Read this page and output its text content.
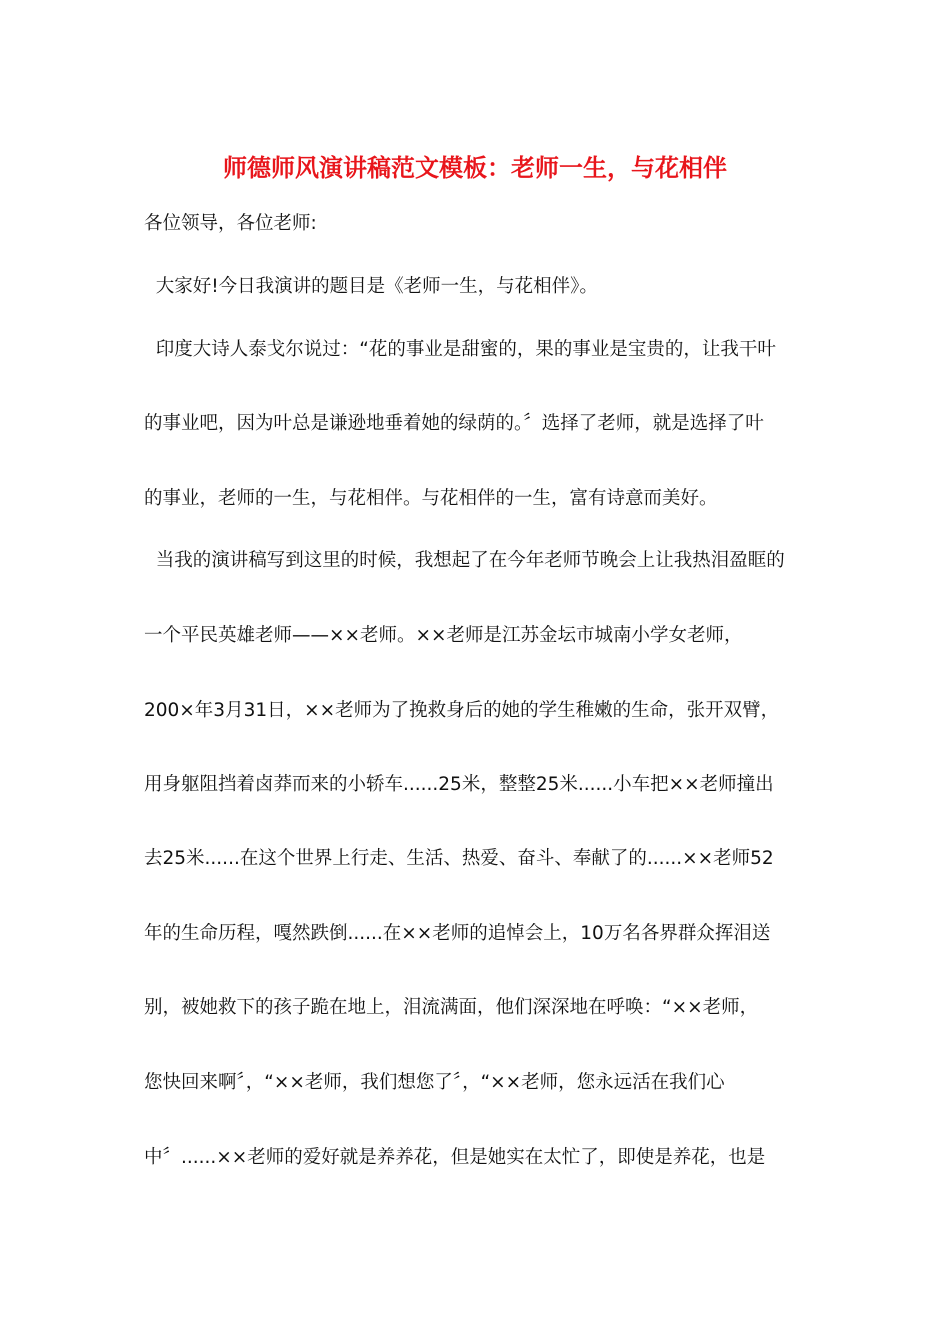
师德师风演讲稿范文模板：老师一生，与花相伴
各位领导，各位老师:
大家好!今日我演讲的题目是《老师一生，与花相伴》。
印度大诗人泰戈尔说过：“花的事业是甜蜜的，果的事业是宝贵的，让我干叶
的事业吧，因为叶总是谦逊地垂着她的绿荫的。〞选择了老师，就是选择了叶
的事业，老师的一生，与花相伴。与花相伴的一生，富有诗意而美好。
当我的演讲稿写到这里的时候，我想起了在今年老师节晚会上让我热泪盈眶的
一个平民英雄老师——××老师。××老师是江苏金坛市城南小学女老师，
200×年3月31日，××老师为了挽救身后的她的学生稚嫩的生命，张开双臂，
用身躯阻挡着卤莽而来的小轿车......25米，整整25米......小车把××老师撞出
去25米......在这个世界上行走、生活、热爱、奋斗、奉献了的......××老师52
年的生命历程，嘎然跌倒......在××老师的追悼会上，10万名各界群众挥泪送
别，被她救下的孩子跪在地上，泪流满面，他们深深地在呼唤：“××老师，
您快回来啊〞，“××老师，我们想您了〞，“××老师，您永远活在我们心
中〞......××老师的爱好就是养养花，但是她实在太忙了，即使是养花，也是
